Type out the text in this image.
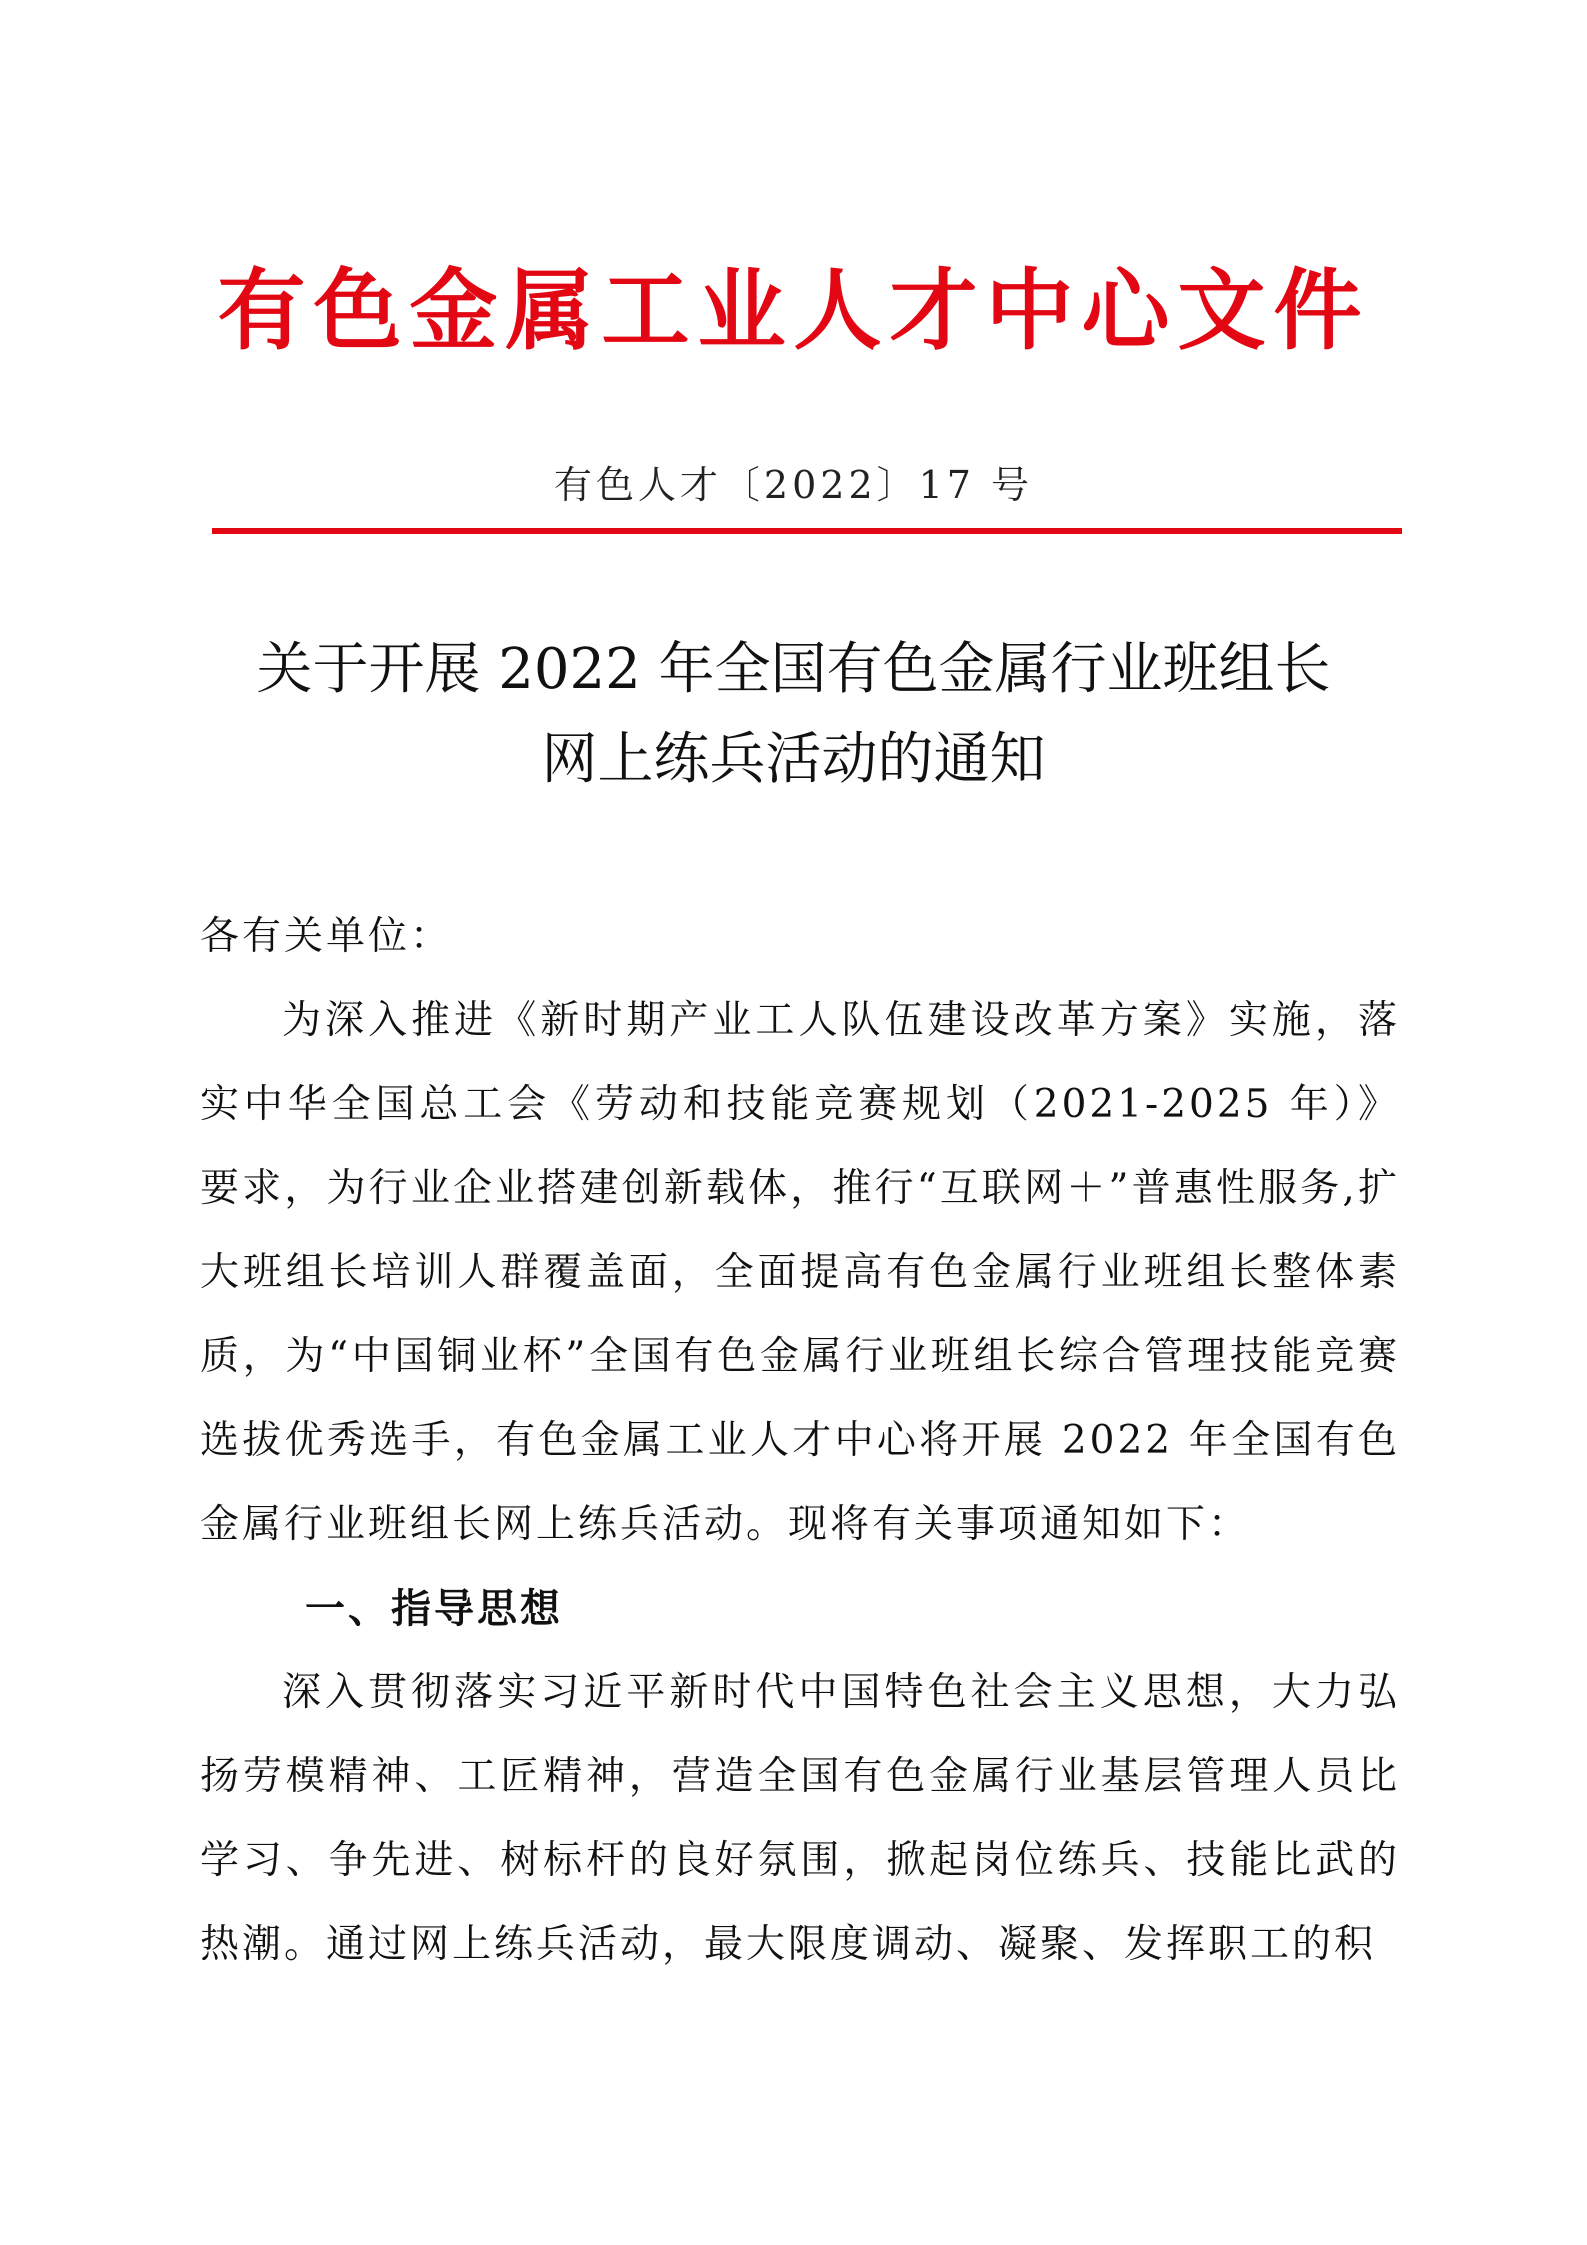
有色金属工业人才中心文件
有色人才〔2022〕17 号
关于开展 2022 年全国有色金属行业班组长
网上练兵活动的通知

各有关单位：

为深入推进《新时期产业工人队伍建设改革方案》实施，落实中华全国总工会《劳动和技能竞赛规划（2021-2025 年）》要求，为行业企业搭建创新载体，推行“互联网＋”普惠性服务,扩大班组长培训人群覆盖面，全面提高有色金属行业班组长整体素质，为“中国铜业杯”全国有色金属行业班组长综合管理技能竞赛选拔优秀选手，有色金属工业人才中心将开展 2022 年全国有色金属行业班组长网上练兵活动。现将有关事项通知如下：

一、指导思想

深入贯彻落实习近平新时代中国特色社会主义思想，大力弘扬劳模精神、工匠精神，营造全国有色金属行业基层管理人员比学习、争先进、树标杆的良好氛围，掀起岗位练兵、技能比武的热潮。通过网上练兵活动，最大限度调动、凝聚、发挥职工的积
